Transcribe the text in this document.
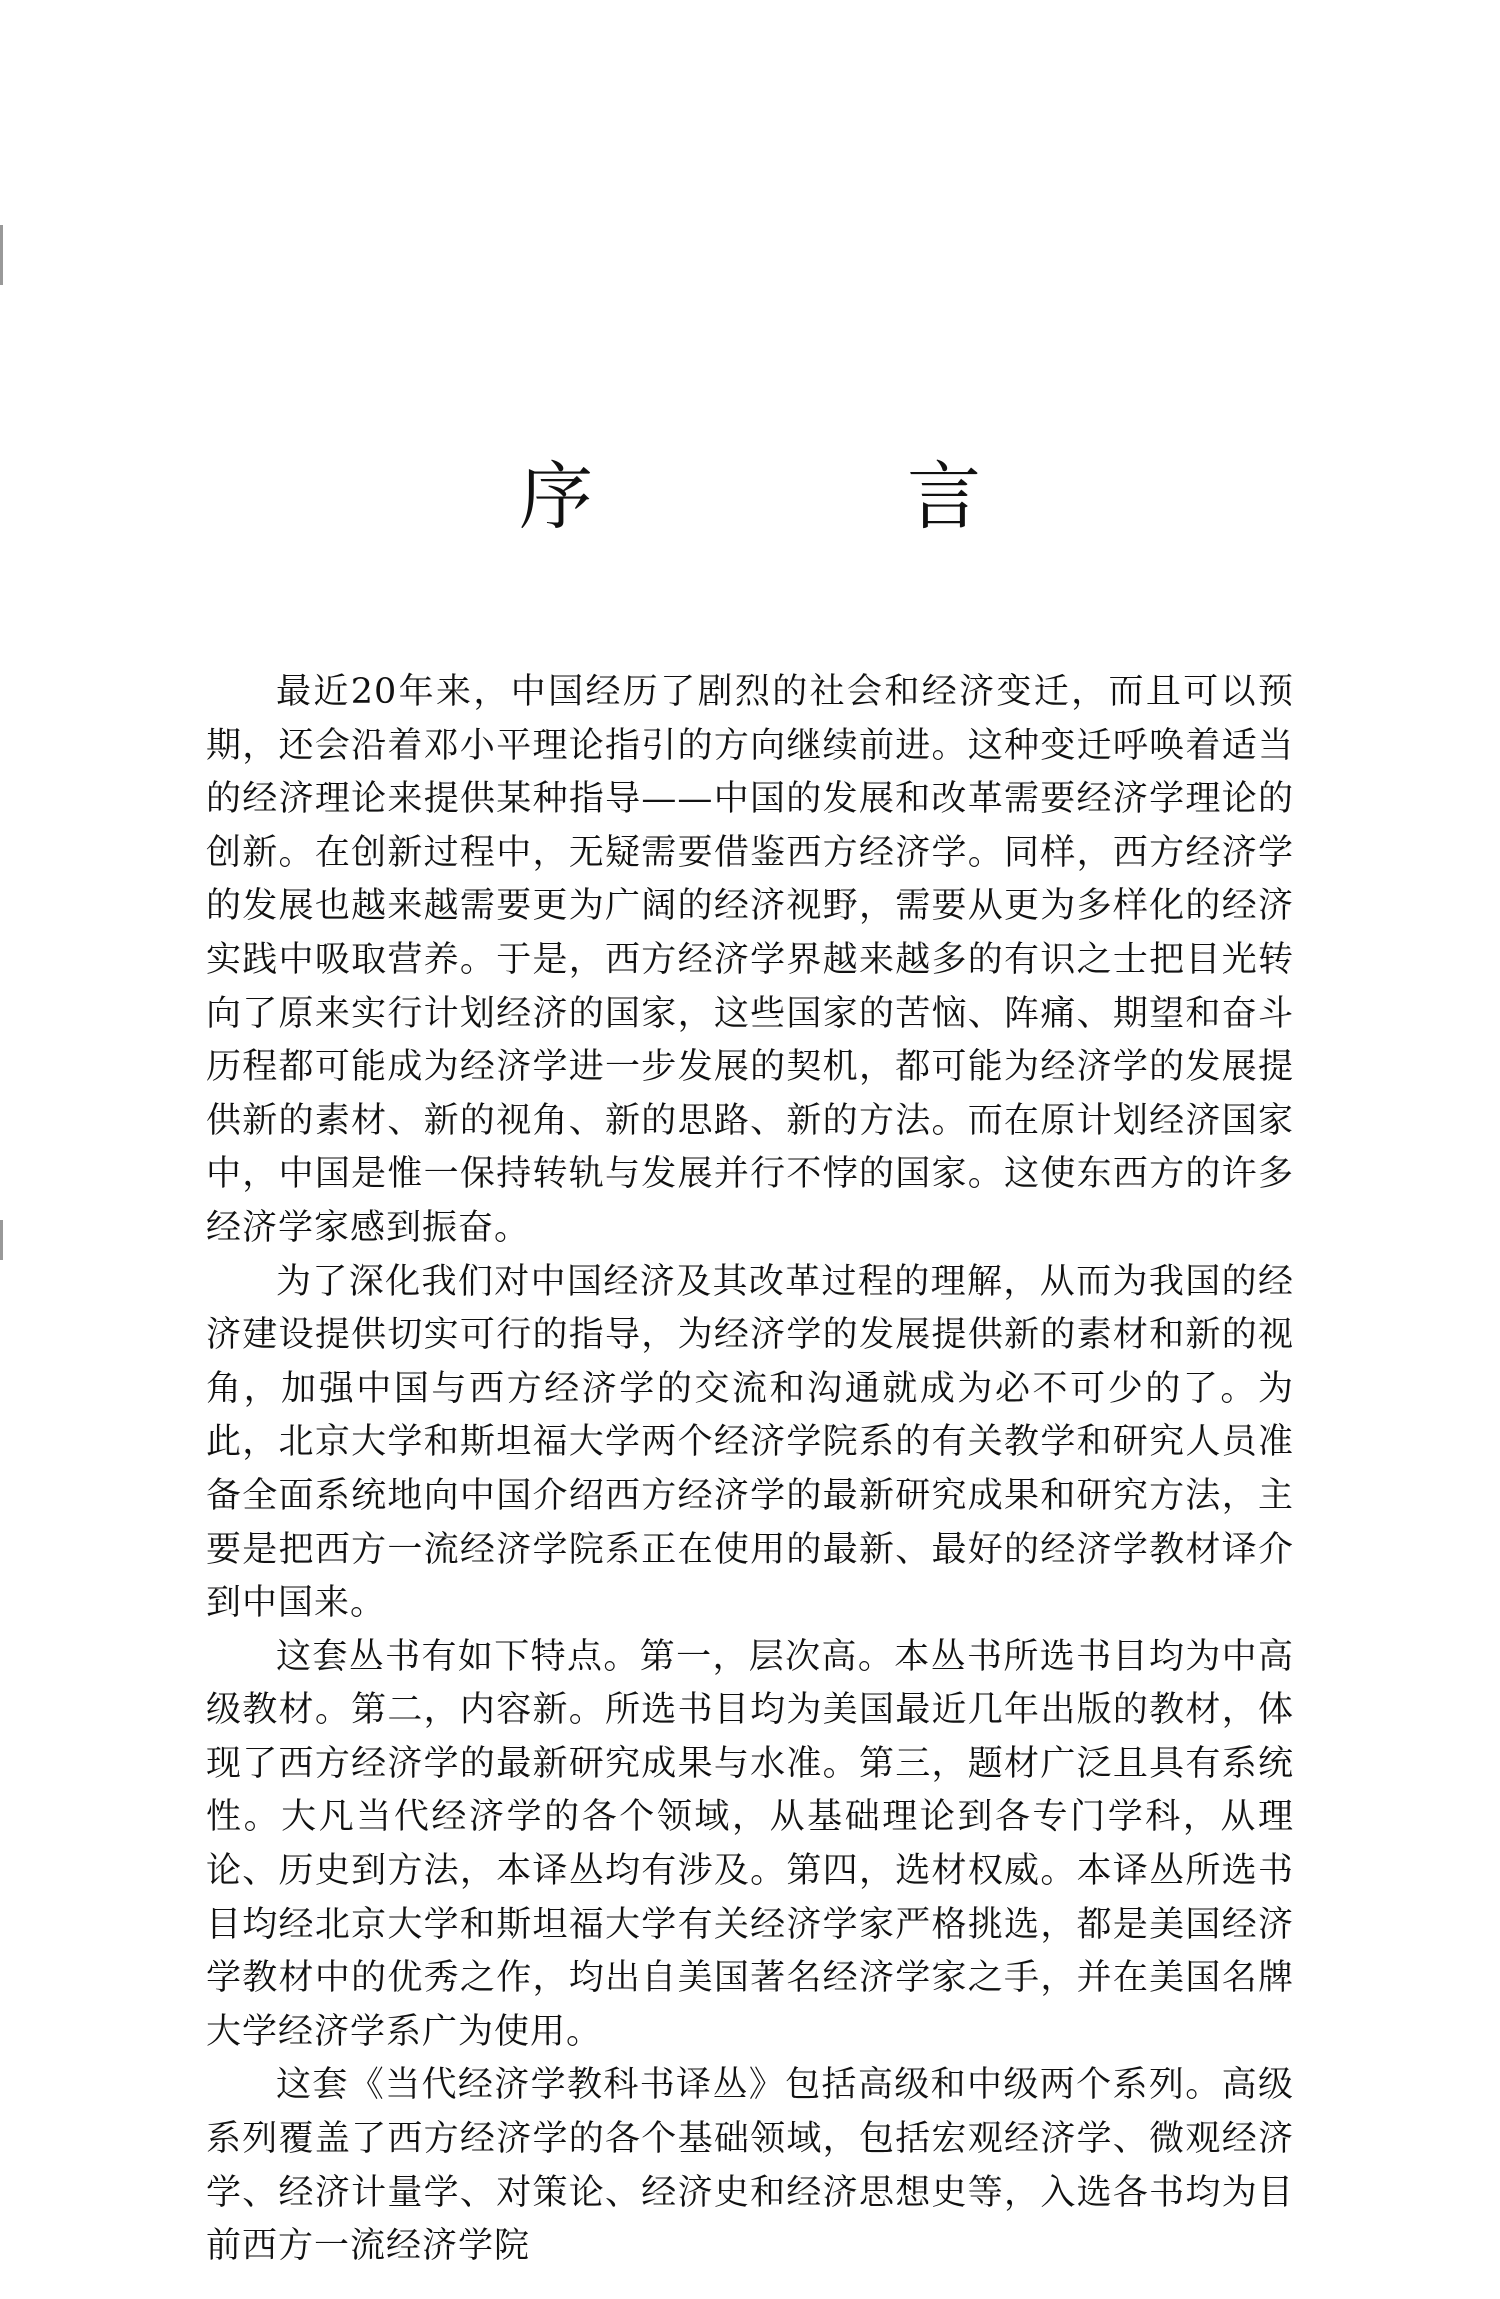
序　言

最近20年来，中国经历了剧烈的社会和经济变迁，而且可以预期，还会沿着邓小平理论指引的方向继续前进。这种变迁呼唤着适当的经济理论来提供某种指导——中国的发展和改革需要经济学理论的创新。在创新过程中，无疑需要借鉴西方经济学。同样，西方经济学的发展也越来越需要更为广阔的经济视野，需要从更为多样化的经济实践中吸取营养。于是，西方经济学界越来越多的有识之士把目光转向了原来实行计划经济的国家，这些国家的苦恼、阵痛、期望和奋斗历程都可能成为经济学进一步发展的契机，都可能为经济学的发展提供新的素材、新的视角、新的思路、新的方法。而在原计划经济国家中，中国是惟一保持转轨与发展并行不悖的国家。这使东西方的许多经济学家感到振奋。

为了深化我们对中国经济及其改革过程的理解，从而为我国的经济建设提供切实可行的指导，为经济学的发展提供新的素材和新的视角，加强中国与西方经济学的交流和沟通就成为必不可少的了。为此，北京大学和斯坦福大学两个经济学院系的有关教学和研究人员准备全面系统地向中国介绍西方经济学的最新研究成果和研究方法，主要是把西方一流经济学院系正在使用的最新、最好的经济学教材译介到中国来。

这套丛书有如下特点。第一，层次高。本丛书所选书目均为中高级教材。第二，内容新。所选书目均为美国最近几年出版的教材，体现了西方经济学的最新研究成果与水准。第三，题材广泛且具有系统性。大凡当代经济学的各个领域，从基础理论到各专门学科，从理论、历史到方法，本译丛均有涉及。第四，选材权威。本译丛所选书目均经北京大学和斯坦福大学有关经济学家严格挑选，都是美国经济学教材中的优秀之作，均出自美国著名经济学家之手，并在美国名牌大学经济学系广为使用。

这套《当代经济学教科书译丛》包括高级和中级两个系列。高级系列覆盖了西方经济学的各个基础领域，包括宏观经济学、微观经济学、经济计量学、对策论、经济史和经济思想史等，入选各书均为目前西方一流经济学院
